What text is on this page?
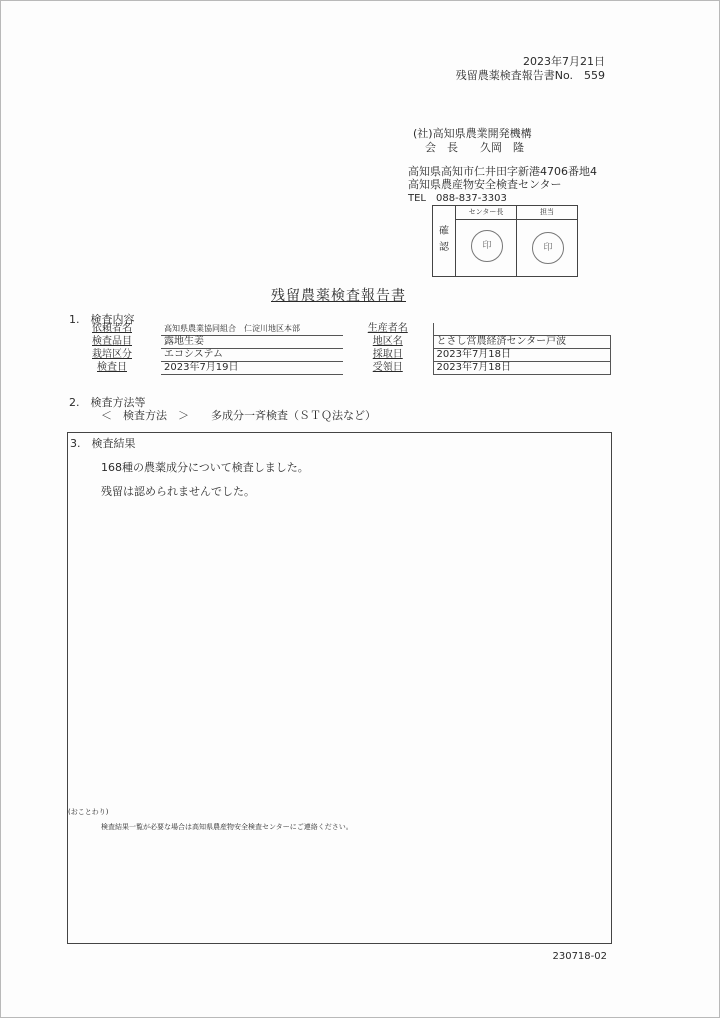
2023年7月21日
残留農薬検査報告書No.　559
(社)高知県農業開発機構
会　長　　久岡　隆
高知県高知市仁井田字新港4706番地4
高知県農産物安全検査センター
TEL　088-837-3303
確認
センター長	担当
印	印
残留農薬検査報告書
1.　検査内容
依頼者名	高知県農業協同組合　仁淀川地区本部	生産者名	
検査品目	露地生姜	地区名	とさし営農経済センター戸波
栽培区分	エコシステム	採取日	2023年7月18日
検査日	2023年7月19日	受領日	2023年7月18日
2.　検査方法等
＜　検査方法　＞　　多成分一斉検査（ＳＴＱ法など）
3.　検査結果
168種の農薬成分について検査しました。
残留は認められませんでした。
(おことわり)
検査結果一覧が必要な場合は高知県農産物安全検査センターにご連絡ください。
230718-02
